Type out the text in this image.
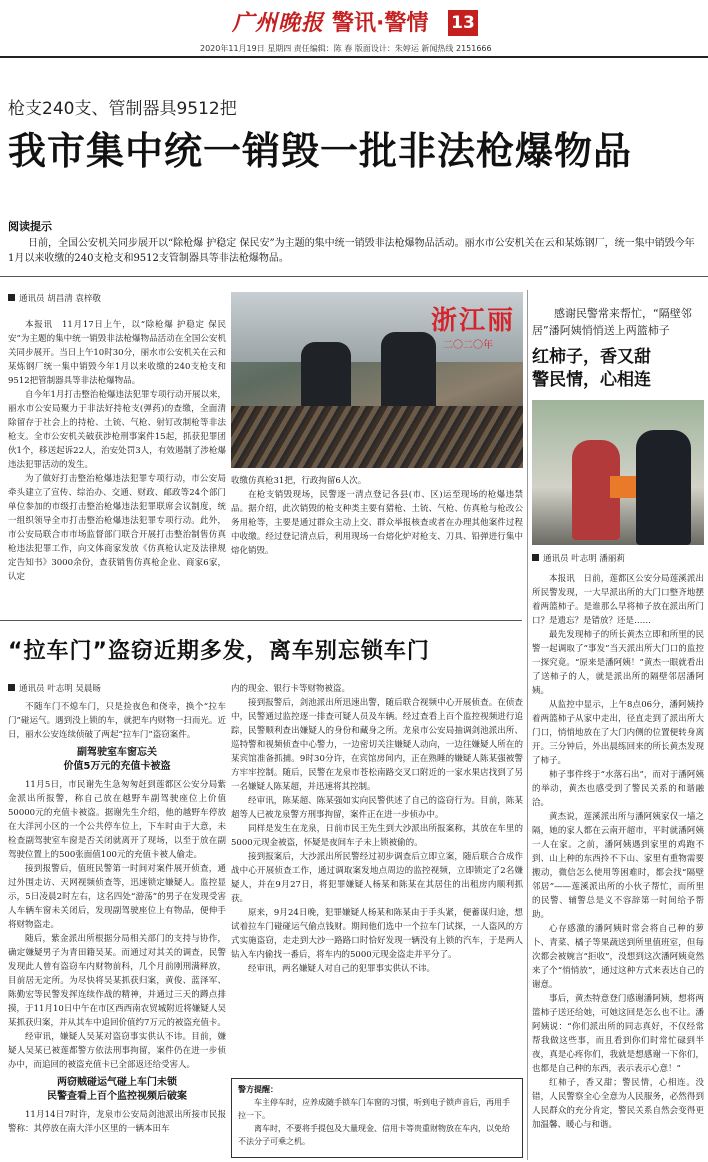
广州晚报 警讯·警情 13
2020年11月19日 星期四 责任编辑：陈 春 版面设计：朱婷运 新闻热线 2151666
枪支240支、管制器具9512把
我市集中统一销毁一批非法枪爆物品
阅读提示
日前，全国公安机关同步展开以“除枪爆 护稳定 保民安”为主题的集中统一销毁非法枪爆物品活动。丽水市公安机关在云和某炼钢厂，统一集中销毁今年1月以来收缴的240支枪支和9512支管制器具等非法枪爆物品。
通讯员 胡昌清 袁梓敬

本报讯　11月17日上午，以“除枪爆 护稳定 保民安”为主题的集中统一销毁非法枪爆物品活动在全国公安机关同步展开。当日上午10时30分，丽水市公安机关在云和某炼钢厂统一集中销毁今年1月以来收缴的240支枪支和9512把管制器具等非法枪爆物品。

自今年1月打击整治枪爆违法犯罪专项行动开展以来，丽水市公安局聚力于非法好持枪支(弹药)的查缴，全面清除留存于社会上的持枪、土铳、气枪、射钉改制枪等非法枪支。全市公安机关破获涉枪刑事案件15起，抓获犯罪团伙1个，移送起诉22人，治安处罚3人，有效遏制了涉枪爆违法犯罪活动的发生。

为了做好打击整治枪爆违法犯罪专项行动，市公安局牵头建立了宣传、综治办、交通、财政、邮政等24个部门单位参加的市级打击整治枪爆违法犯罪联席会议制度，统一组织领导全市打击整治枪爆违法犯罪专项行动。此外，市公安局联合市市场监督部门联合开展打击整治制售仿真枪违法犯罪工作，向文体商家发放《仿真枪认定及法律规定告知书》3000余份，查获销售仿真枪企业、商家6家，认定

浙江丽
二〇二〇年

收缴仿真枪31把，行政拘留6人次。

在枪支销毁现场，民警逐一清点登记各县(市、区)运至现场的枪爆违禁品。据介绍，此次销毁的枪支种类主要有猎枪、土铳、气枪、仿真枪与枪改公务用枪等，主要是通过群众主动上交、群众举报核查或者在办理其他案件过程中收缴。经过登记清点后，利用现场一台熔化炉对枪支、刀具、铅弹进行集中熔化销毁。

感谢民警常来帮忙，“隔壁邻居”潘阿姨悄悄送上两篮柿子
红柿子，香又甜
警民情，心相连
通讯员 叶志明 潘丽莉

本报讯　日前，莲都区公安分局莲溪派出所民警发现，一大早派出所的大门口整齐地摆着两篮柿子。是谁那么早将柿子放在派出所门口？是遗忘？是错放？还是……

最先发现柿子的所长黄杰立即和所里的民警一起调取了“事发”当天派出所大门口的监控一探究竟。“原来是潘阿姨！”黄杰一眼就看出了送柿子的人，就是派出所的隔壁邻居潘阿姨。

从监控中显示，上午8点06分，潘阿姨拎着两篮柿子从家中走出，径直走到了派出所大门口，悄悄地放在了大门内侧的位置便转身离开。三分钟后，外出晨练回来的所长黄杰发现了柿子。

柿子事件终于“水落石出”，而对于潘阿姨的举动，黄杰也感受到了警民关系的和谐融洽。

黄杰说，莲溪派出所与潘阿姨家仅一墙之隔，她的家人都在云南开超市，平时就潘阿姨一人在家。之前，潘阿姨遇到家里的鸡跑不到、山上种的东西拎不下山、家里有重物需要搬动，微信怎么使用等困难时，都会找“隔壁邻居”——莲溪派出所的小伙子帮忙，而所里的民警、辅警总是义不容辞第一时间给予帮助。

心存感激的潘阿姨时常会将自己种的萝卜、青菜、橘子等果蔬送到所里值班室，但每次都会被婉言“拒收”，没想到这次潘阿姨竟然来了个“悄悄放”，通过这种方式来表达自己的谢意。

事后，黄杰特意登门感谢潘阿姨，想将两篮柿子送还给她，可她这回是怎么也不让。潘阿姨说：“你们派出所的同志真好，不仅经常帮我做这些事，而且看到你们时常忙碌到半夜，真是心疼你们，我就是想感谢一下你们，也都是自己种的东西，表示表示心意！”

红柿子，香又甜；警民情，心相连。没错，人民警察全心全意为人民服务，必然得到人民群众的充分肯定，警民关系自然会变得更加温馨、暖心与和谐。

“拉车门”盗窃近期多发，离车别忘锁车门
通讯员 叶志明 吴晨旸

不随车门不熄车门，只是捡夜色和侥幸，换个“拉车门”碰运气。遇到没上锁的车，就把车内财物一扫而光。近日，丽水公安连续侦破了两起“拉车门”盗窃案件。

副驾驶室车窗忘关
价值5万元的充值卡被盗

11月5日，市民谢先生急匆匆赶到莲都区公安分局紫金派出所报警，称自己放在越野车副驾驶座位上价值50000元的充值卡被盗。据谢先生介绍，他的越野车停放在大洋河小区的一个公共停车位上，下车时由于大意，未检查副驾驶室车窗是否关闭就离开了现场，以至于放在副驾驶位置上的500张面值100元的充值卡被人偷走。

接到报警后，值班民警第一时间对案件展开侦查，通过外围走访、天网视频侦查等，迅速锁定嫌疑人。监控显示，5日凌晨2时左右，这名四处“游荡”的男子在发现受害人车辆车窗未关闭后，发现副驾驶座位上有物品，便伸手将财物盗走。

随后，紫金派出所根据分局相关部门的支持与协作，确定嫌疑男子为青田籍吴某。而通过对其关的调查，民警发现此人曾有盗窃车内财物前科，几个月前刚刑满释放，目前居无定所。为尽快将吴某抓获归案，黄俊、蓝泽军、陈勤宏等民警发挥连续作战的精神，并通过三天的蹲点排摸，于11月10日中午在市区西西南农贸城附近将嫌疑人吴某抓获归案，并从其车中追回价值约7万元的被盗充值卡。

经审讯，嫌疑人吴某对盗窃事实供认不讳。目前，嫌疑人吴某已被莲都警方依法刑事拘留，案件仍在进一步侦办中，而追回的被盗充值卡已全部返还给受害人。

两窃贼碰运气碰上车门未锁
民警查看上百个监控视频后破案

11月14日7时许，龙泉市公安局剑池派出所接市民报警称：其停放在南大洋小区里的一辆本田车

内的现金、银行卡等财物被盗。

接到报警后，剑池派出所迅速出警，随后联合视频中心开展侦查。在侦查中，民警通过监控逐一排查可疑人员及车辆。经过查看上百个监控视频进行追踪，民警顺利查出嫌疑人的身份和藏身之所。龙泉市公安局抽调剑池派出所、巡特警和视频侦查中心警力，一边密切关注嫌疑人动向，一边往嫌疑人所在的某宾馆准备抓捕。9时30分许，在宾馆房间内，正在熟睡的嫌疑人陈某强被警方牢牢控制。随后，民警在龙泉市苍松南路交叉口附近的一家水果店找到了另一名嫌疑人陈某超，并迅速将其控制。

经审讯，陈某超、陈某强如实向民警供述了自己的盗窃行为。目前，陈某超等人已被龙泉警方刑事拘留，案件正在进一步侦办中。

同样是发生在龙泉，日前市民王先生到大沙派出所报案称，其放在车里的5000元现金被盗，怀疑是夜间车子未上锁被偷的。

接到报案后，大沙派出所民警经过初步调查后立即立案，随后联合合成作战中心开展侦查工作，通过调取案发地点周边的监控视频，立即锁定了2名嫌疑人，并在9月27日，将犯罪嫌疑人杨某和陈某在其居住的出租房内顺利抓获。

原来，9月24日晚，犯罪嫌疑人杨某和陈某由于手头紧，便蓄谋归途，想试着拉车门碰碰运气偷点钱财。期间他们选中一个拉车门试探，一人盗风的方式实施盗窃，走走到大沙一路路口时恰好发现一辆没有上锁的汽车，于是两人钻入车内偷找一番后，将车内的5000元现金盗走并平分了。

经审讯，两名嫌疑人对自己的犯罪事实供认不讳。

警方提醒：
车主停车时，应养成随手锁车门车窗的习惯，听到电子锁声音后，再用手拉一下。
离车时，不要将手提包及大量现金、信用卡等贵重财物放在车内，以免给不法分子可乘之机。
